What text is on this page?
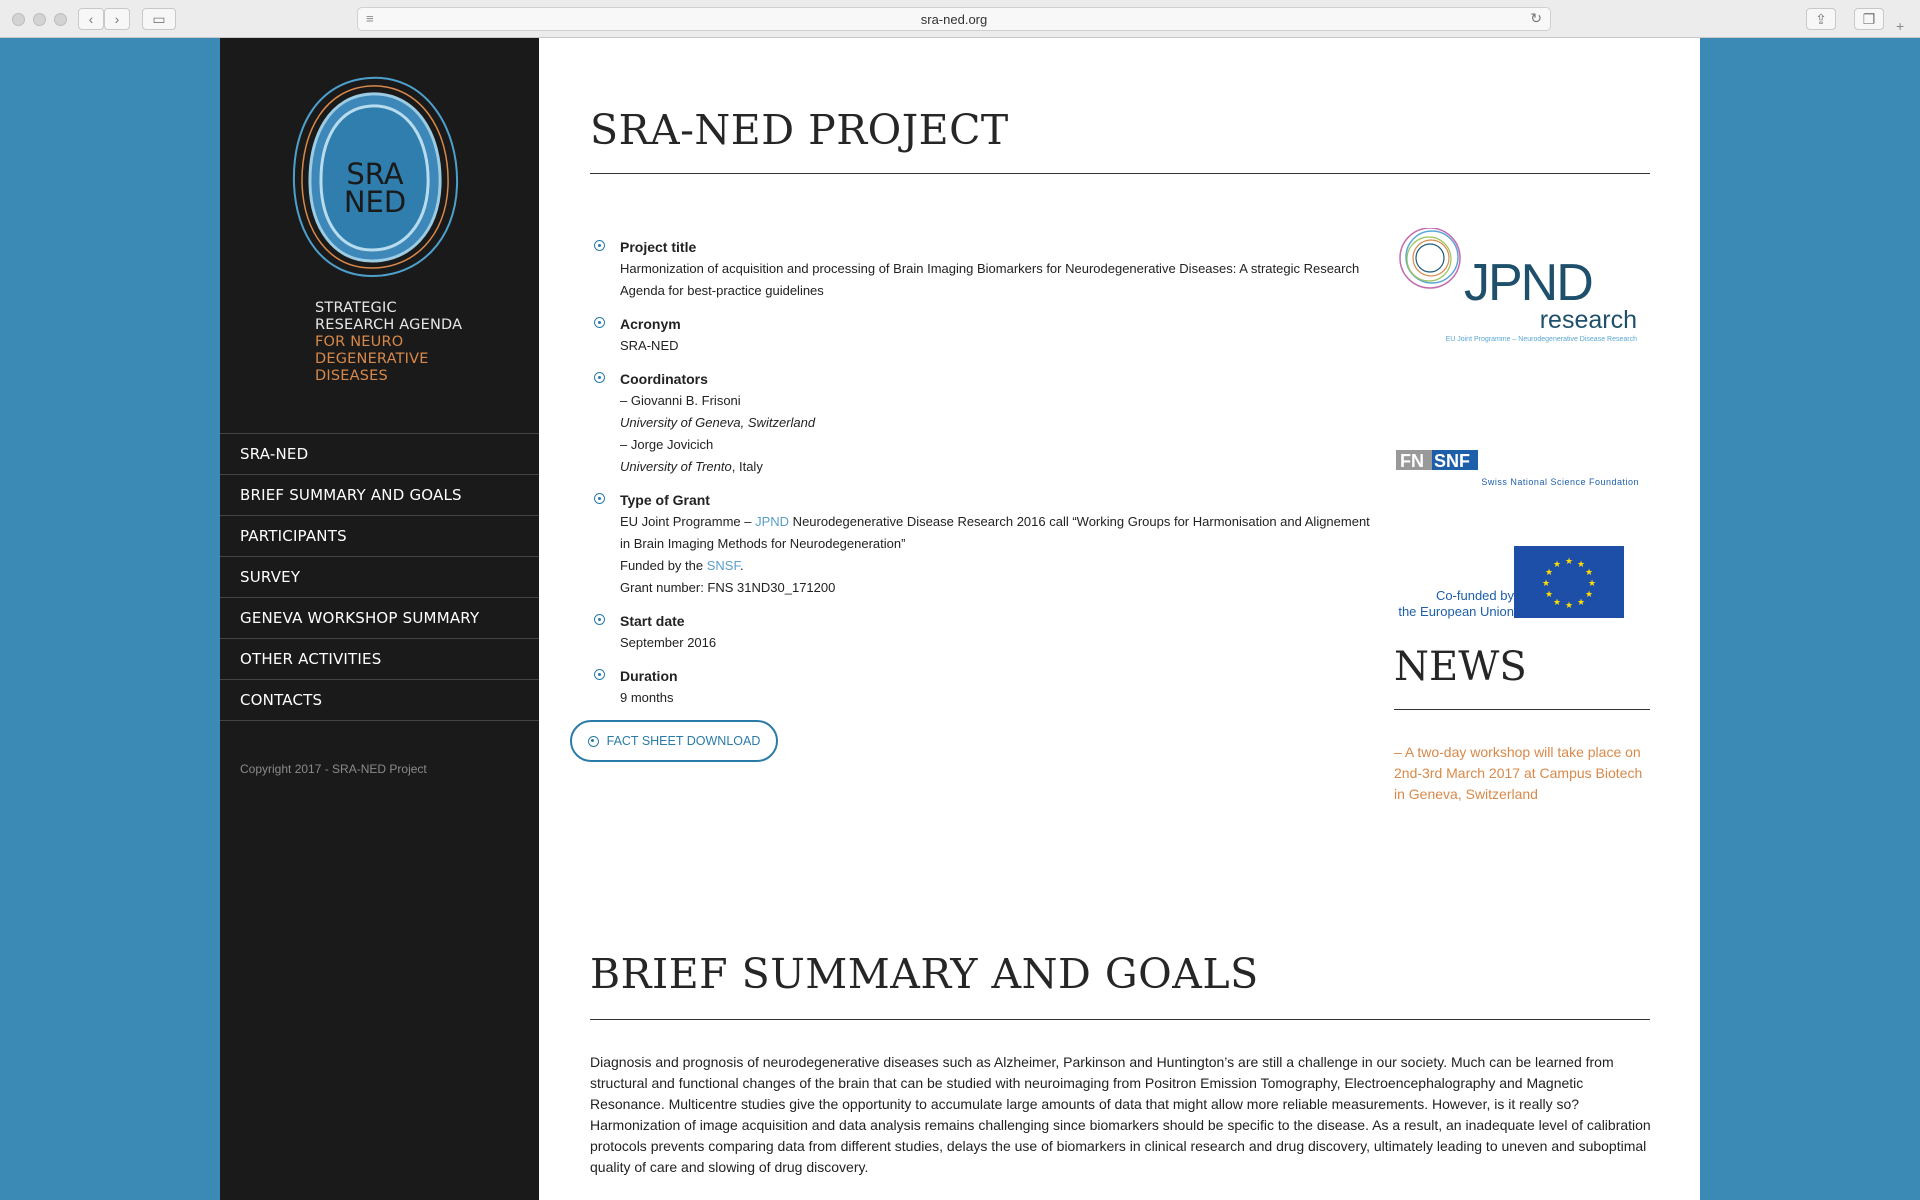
‹	›	▭	≡	sra-ned.org	↻	⇪	❐	+
SRA
NED
STRATEGIC
RESEARCH AGENDA
FOR NEURO
DEGENERATIVE
DISEASES
SRA-NED
BRIEF SUMMARY AND GOALS
PARTICIPANTS
SURVEY
GENEVA WORKSHOP SUMMARY
OTHER ACTIVITIES
CONTACTS
Copyright 2017 - SRA-NED Project
SRA-NED PROJECT
Project title
Harmonization of acquisition and processing of Brain Imaging Biomarkers for Neurodegenerative Diseases: A strategic Research Agenda for best-practice guidelines
Acronym
SRA-NED
Coordinators
– Giovanni B. Frisoni
University of Geneva, Switzerland
– Jorge Jovicich
University of Trento, Italy
Type of Grant
EU Joint Programme – JPND Neurodegenerative Disease Research 2016 call “Working Groups for Harmonisation and Alignement in Brain Imaging Methods for Neurodegeneration”
Funded by the SNSF.
Grant number: FNS 31ND30_171200
Start date
September 2016
Duration
9 months
FACT SHEET DOWNLOAD
JPND
research
EU Joint Programme – Neurodegenerative Disease Research
FN SNF
Swiss National Science Foundation
★ ★
★
★
★
★
★
★
★
★
★
★
Co-funded by
the European Union
NEWS
– A two-day workshop will take place on 2nd-3rd March 2017 at Campus Biotech in Geneva, Switzerland
BRIEF SUMMARY AND GOALS
Diagnosis and prognosis of neurodegenerative diseases such as Alzheimer, Parkinson and Huntington’s are still a challenge in our society. Much can be learned from structural and functional changes of the brain that can be studied with neuroimaging from Positron Emission Tomography, Electroencephalography and Magnetic Resonance. Multicentre studies give the opportunity to accumulate large amounts of data that might allow more reliable measurements. However, is it really so? Harmonization of image acquisition and data analysis remains challenging since biomarkers should be specific to the disease. As a result, an inadequate level of calibration protocols prevents comparing data from different studies, delays the use of biomarkers in clinical research and drug discovery, ultimately leading to uneven and suboptimal quality of care and slowing of drug discovery.
